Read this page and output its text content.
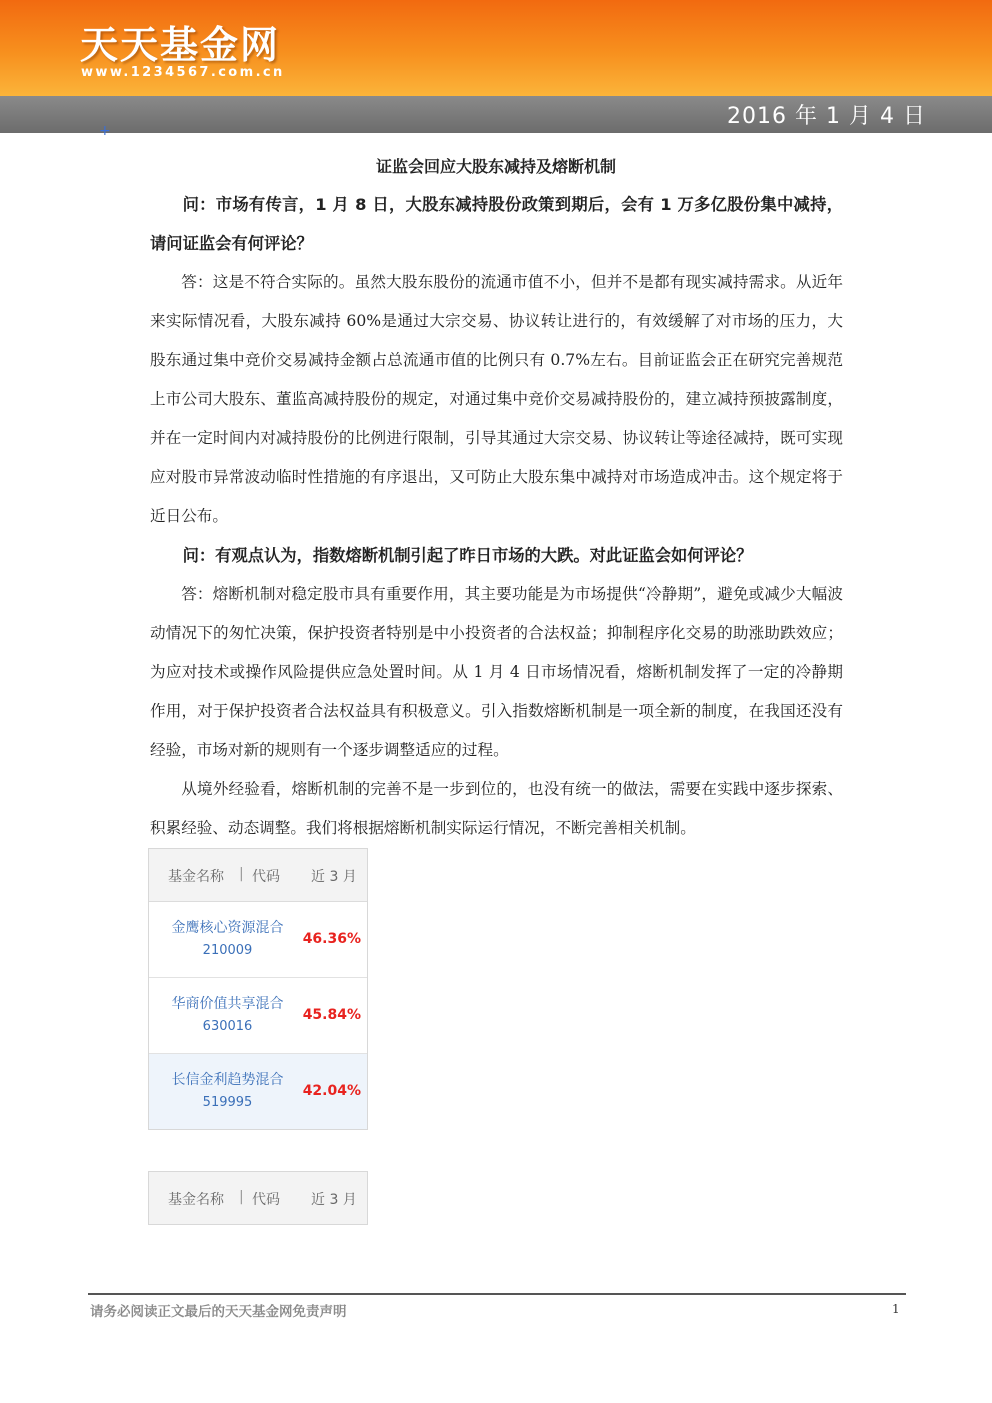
天天基金网
www.1234567.com.cn
2016 年 1 月 4 日
+
证监会回应大股东减持及熔断机制

问：市场有传言，1 月 8 日，大股东减持股份政策到期后，会有 1 万多亿股份集中减持，请问证监会有何评论？

答：这是不符合实际的。虽然大股东股份的流通市值不小，但并不是都有现实减持需求。从近年来实际情况看，大股东减持 60%是通过大宗交易、协议转让进行的，有效缓解了对市场的压力，大股东通过集中竞价交易减持金额占总流通市值的比例只有 0.7%左右。目前证监会正在研究完善规范上市公司大股东、董监高减持股份的规定，对通过集中竞价交易减持股份的，建立减持预披露制度，并在一定时间内对减持股份的比例进行限制，引导其通过大宗交易、协议转让等途径减持，既可实现应对股市异常波动临时性措施的有序退出，又可防止大股东集中减持对市场造成冲击。这个规定将于近日公布。

问：有观点认为，指数熔断机制引起了昨日市场的大跌。对此证监会如何评论？

答：熔断机制对稳定股市具有重要作用，其主要功能是为市场提供“冷静期”，避免或减少大幅波动情况下的匆忙决策，保护投资者特别是中小投资者的合法权益；抑制程序化交易的助涨助跌效应；为应对技术或操作风险提供应急处置时间。从 1 月 4 日市场情况看，熔断机制发挥了一定的冷静期作用，对于保护投资者合法权益具有积极意义。引入指数熔断机制是一项全新的制度，在我国还没有经验，市场对新的规则有一个逐步调整适应的过程。

从境外经验看，熔断机制的完善不是一步到位的，也没有统一的做法，需要在实践中逐步探索、积累经验、动态调整。我们将根据熔断机制实际运行情况，不断完善相关机制。

基金名称 | 代码 近 3 月
金鹰核心资源混合
210009
46.36%
华商价值共享混合
630016
45.84%
长信金利趋势混合
519995
42.04%
基金名称 | 代码 近 3 月
请务必阅读正文最后的天天基金网免责声明	1
